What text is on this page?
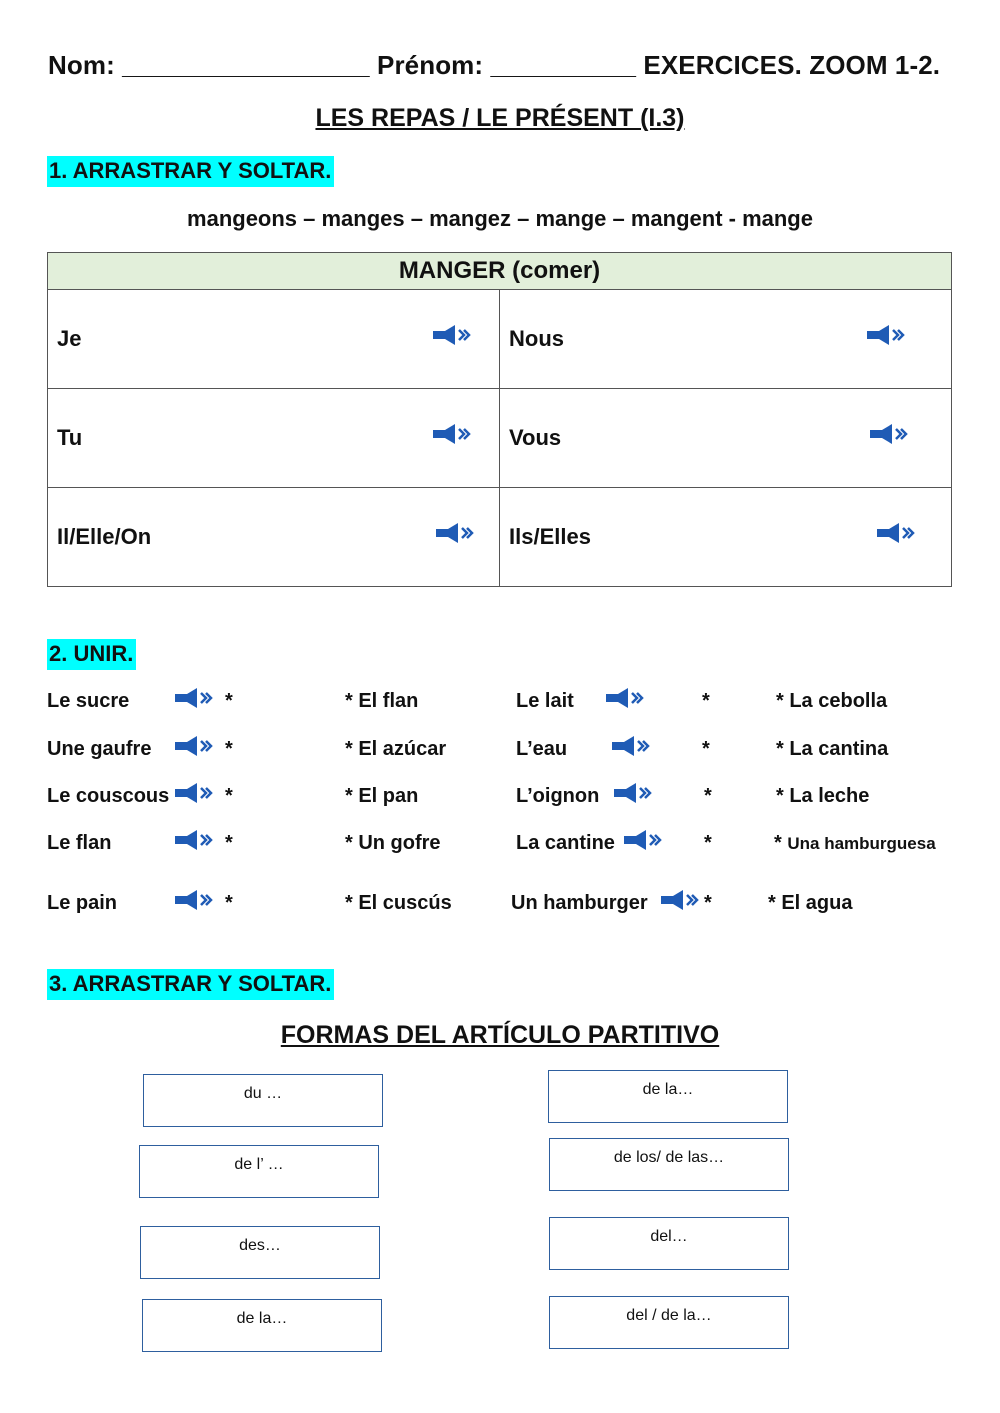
Nom: _________________ Prénom: __________ EXERCICES. ZOOM 1-2.
LES REPAS / LE PRÉSENT (I.3)
1. ARRASTRAR Y SOLTAR.
mangeons – manges – mangez – mange – mangent - mange
MANGER (comer)	
Je	Nous

Tu	Vous

Il/Elle/On	Ils/Elles
2. UNIR.
Le sucre	*	* El flan	Le lait	*	* La cebolla
Une gaufre	*	* El azúcar	L’eau	*	* La cantina
Le couscous	*	* El pan	L’oignon	*	* La leche
Le flan	*	* Un gofre	La cantine	*	* Una hamburguesa
Le pain	*	* El cuscús	Un hamburger	*	* El agua
3. ARRASTRAR Y SOLTAR.
FORMAS DEL ARTÍCULO PARTITIVO
du …
de l’ …
des…
de la…
de la…
de los/ de las…
del…
del / de la…
